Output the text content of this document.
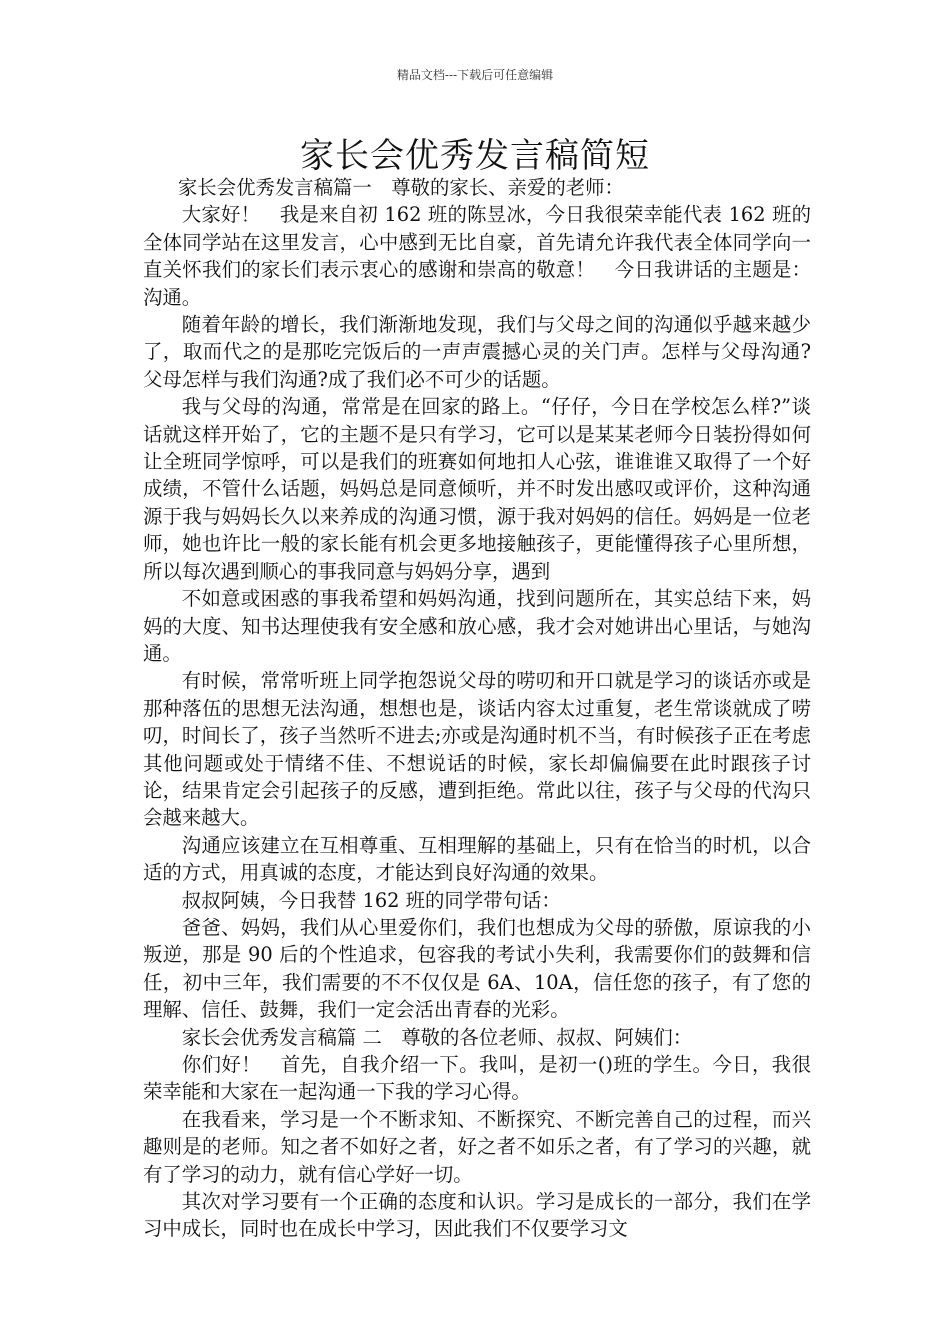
精品文档---下载后可任意编辑
家长会优秀发言稿简短

家长会优秀发言稿篇一　尊敬的家长、亲爱的老师：

大家好！　我是来自初 162 班的陈昱冰，今日我很荣幸能代表 162 班的全体同学站在这里发言，心中感到无比自豪，首先请允许我代表全体同学向一直关怀我们的家长们表示衷心的感谢和崇高的敬意！　今日我讲话的主题是：沟通。

随着年龄的增长，我们渐渐地发现，我们与父母之间的沟通似乎越来越少了，取而代之的是那吃完饭后的一声声震撼心灵的关门声。怎样与父母沟通?父母怎样与我们沟通?成了我们必不可少的话题。

我与父母的沟通，常常是在回家的路上。“仔仔，今日在学校怎么样?”谈话就这样开始了，它的主题不是只有学习，它可以是某某老师今日装扮得如何让全班同学惊呼，可以是我们的班赛如何地扣人心弦，谁谁谁又取得了一个好成绩，不管什么话题，妈妈总是同意倾听，并不时发出感叹或评价，这种沟通源于我与妈妈长久以来养成的沟通习惯，源于我对妈妈的信任。妈妈是一位老师，她也许比一般的家长能有机会更多地接触孩子，更能懂得孩子心里所想，所以每次遇到顺心的事我同意与妈妈分享，遇到

不如意或困惑的事我希望和妈妈沟通，找到问题所在，其实总结下来，妈妈的大度、知书达理使我有安全感和放心感，我才会对她讲出心里话，与她沟通。

有时候，常常听班上同学抱怨说父母的唠叨和开口就是学习的谈话亦或是那种落伍的思想无法沟通，想想也是，谈话内容太过重复，老生常谈就成了唠叨，时间长了，孩子当然听不进去;亦或是沟通时机不当，有时候孩子正在考虑其他问题或处于情绪不佳、不想说话的时候，家长却偏偏要在此时跟孩子讨论，结果肯定会引起孩子的反感，遭到拒绝。常此以往，孩子与父母的代沟只会越来越大。

沟通应该建立在互相尊重、互相理解的基础上，只有在恰当的时机，以合适的方式，用真诚的态度，才能达到良好沟通的效果。

叔叔阿姨，今日我替 162 班的同学带句话：

爸爸、妈妈，我们从心里爱你们，我们也想成为父母的骄傲，原谅我的小叛逆，那是 90 后的个性追求，包容我的考试小失利，我需要你们的鼓舞和信任，初中三年，我们需要的不不仅仅是 6A、10A，信任您的孩子，有了您的理解、信任、鼓舞，我们一定会活出青春的光彩。

家长会优秀发言稿篇 二　尊敬的各位老师、叔叔、阿姨们：

你们好！　首先，自我介绍一下。我叫，是初一()班的学生。今日，我很荣幸能和大家在一起沟通一下我的学习心得。

在我看来，学习是一个不断求知、不断探究、不断完善自己的过程，而兴趣则是的老师。知之者不如好之者，好之者不如乐之者，有了学习的兴趣，就有了学习的动力，就有信心学好一切。

其次对学习要有一个正确的态度和认识。学习是成长的一部分，我们在学习中成长，同时也在成长中学习，因此我们不仅要学习文
